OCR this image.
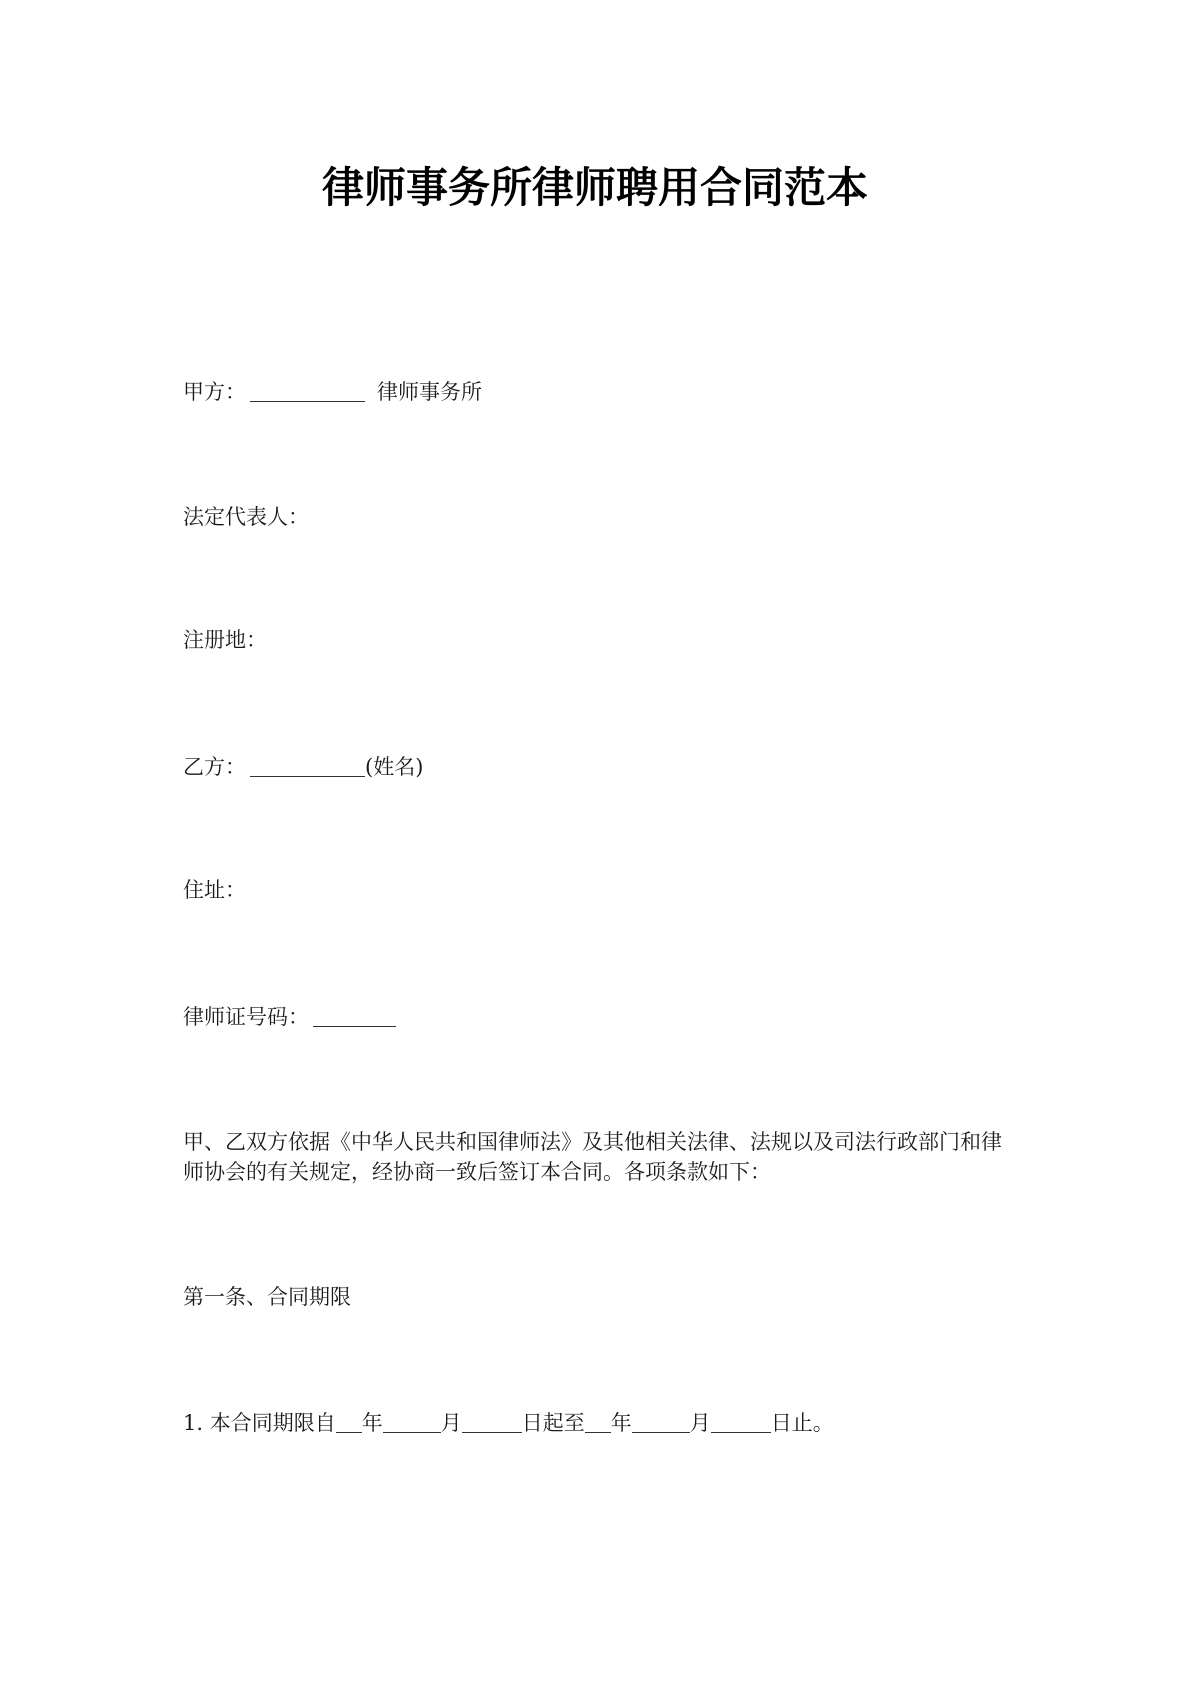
律师事务所律师聘用合同范本
甲方：	律师事务所
法定代表人：
注册地：
乙方：	(姓名)
住址：
律师证号码：
甲、乙双方依据《中华人民共和国律师法》及其他相关法律、法规以及司法行政部门和律
师协会的有关规定，经协商一致后签订本合同。各项条款如下：
第一条、合同期限
1. 本合同期限自 年	月	日起至 年	月	日止。
